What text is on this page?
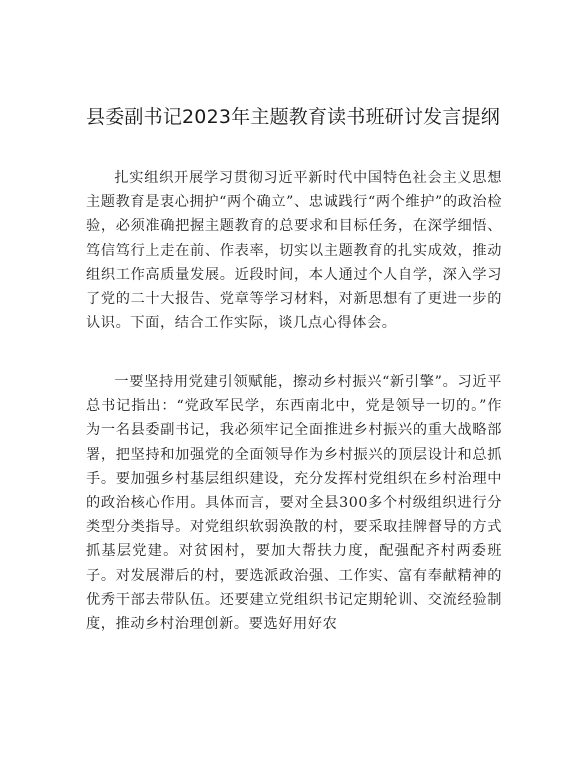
县委副书记2023年主题教育读书班研讨发言提纲

扎实组织开展学习贯彻习近平新时代中国特色社会主义思想主题教育是衷心拥护“两个确立”、忠诚践行“两个维护”的政治检验，必须准确把握主题教育的总要求和目标任务，在深学细悟、笃信笃行上走在前、作表率，切实以主题教育的扎实成效，推动组织工作高质量发展。近段时间，本人通过个人自学，深入学习了党的二十大报告、党章等学习材料，对新思想有了更进一步的认识。下面，结合工作实际，谈几点心得体会。

一要坚持用党建引领赋能，擦动乡村振兴“新引擎”。习近平总书记指出：“党政军民学，东西南北中，党是领导一切的。”作为一名县委副书记，我必须牢记全面推进乡村振兴的重大战略部署，把坚持和加强党的全面领导作为乡村振兴的顶层设计和总抓手。要加强乡村基层组织建设，充分发挥村党组织在乡村治理中的政治核心作用。具体而言，要对全县300多个村级组织进行分类型分类指导。对党组织软弱涣散的村，要采取挂牌督导的方式抓基层党建。对贫困村，要加大帮扶力度，配强配齐村两委班子。对发展滞后的村，要选派政治强、工作实、富有奉献精神的优秀干部去带队伍。还要建立党组织书记定期轮训、交流经验制度，推动乡村治理创新。要选好用好农
